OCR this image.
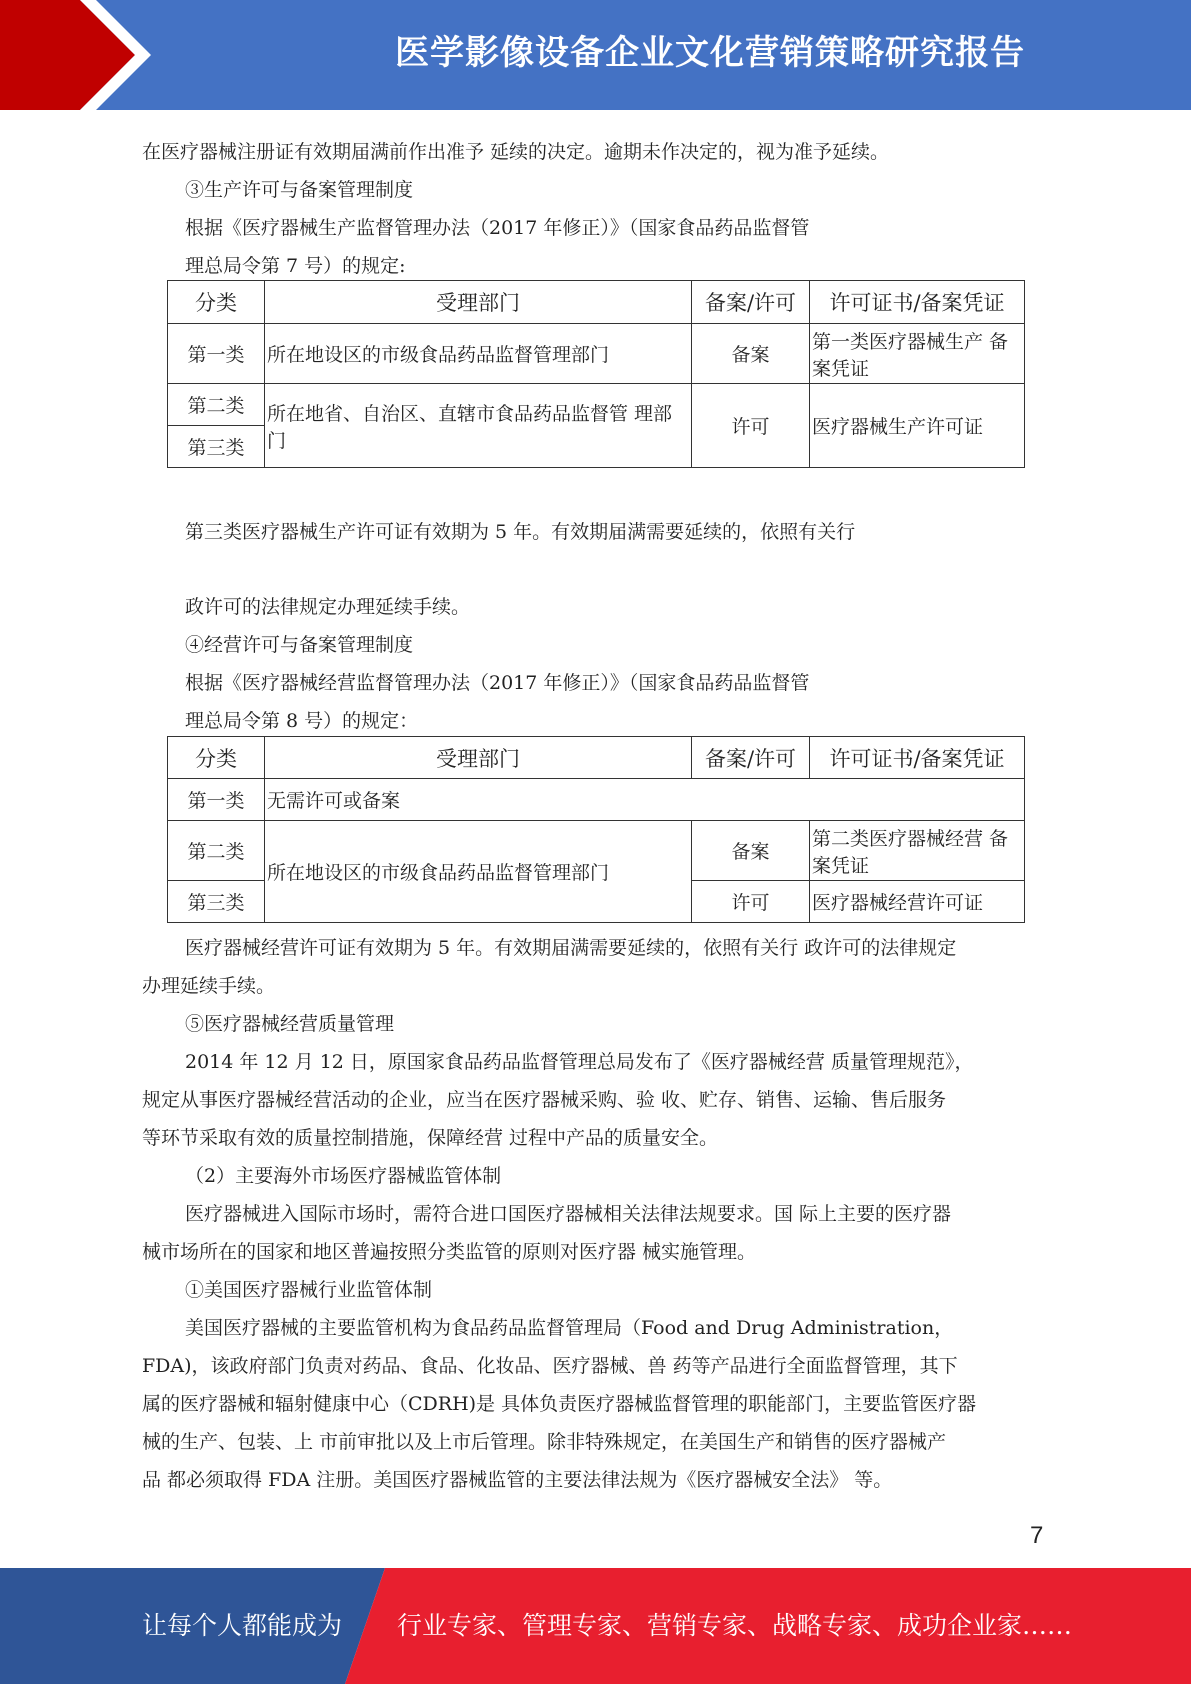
医学影像设备企业文化营销策略研究报告
在医疗器械注册证有效期届满前作出准予 延续的决定。逾期未作决定的，视为准予延续。
③生产许可与备案管理制度
根据《医疗器械生产监督管理办法（2017 年修正）》（国家食品药品监督管
理总局令第 7 号）的规定:
分类	受理部门	备案/许可	许可证书/备案凭证
第一类	所在地设区的市级食品药品监督管理部门	备案	第一类医疗器械生产 备案凭证
第二类	所在地省、自治区、直辖市食品药品监督管 理部门	许可	医疗器械生产许可证
第三类			
第三类医疗器械生产许可证有效期为 5 年。有效期届满需要延续的，依照有关行
政许可的法律规定办理延续手续。
④经营许可与备案管理制度
根据《医疗器械经营监督管理办法（2017 年修正）》（国家食品药品监督管
理总局令第 8 号）的规定：
分类	受理部门	备案/许可	许可证书/备案凭证
第一类	无需许可或备案		
第二类	所在地设区的市级食品药品监督管理部门	备案	第二类医疗器械经营 备案凭证
第三类		许可	医疗器械经营许可证
医疗器械经营许可证有效期为 5 年。有效期届满需要延续的，依照有关行 政许可的法律规定
办理延续手续。
⑤医疗器械经营质量管理
2014 年 12 月 12 日，原国家食品药品监督管理总局发布了《医疗器械经营 质量管理规范》，
规定从事医疗器械经营活动的企业，应当在医疗器械采购、验 收、贮存、销售、运输、售后服务
等环节采取有效的质量控制措施，保障经营 过程中产品的质量安全。
（2）主要海外市场医疗器械监管体制
医疗器械进入国际市场时，需符合进口国医疗器械相关法律法规要求。国 际上主要的医疗器
械市场所在的国家和地区普遍按照分类监管的原则对医疗器 械实施管理。
①美国医疗器械行业监管体制
美国医疗器械的主要监管机构为食品药品监督管理局（Food and Drug Administration，
FDA)，该政府部门负责对药品、食品、化妆品、医疗器械、兽 药等产品进行全面监督管理，其下
属的医疗器械和辐射健康中心（CDRH)是 具体负责医疗器械监督管理的职能部门，主要监管医疗器
械的生产、包装、上 市前审批以及上市后管理。除非特殊规定，在美国生产和销售的医疗器械产
品 都必须取得 FDA 注册。美国医疗器械监管的主要法律法规为《医疗器械安全法》 等。
7
让每个人都能成为 行业专家、管理专家、营销专家、战略专家、成功企业家……
